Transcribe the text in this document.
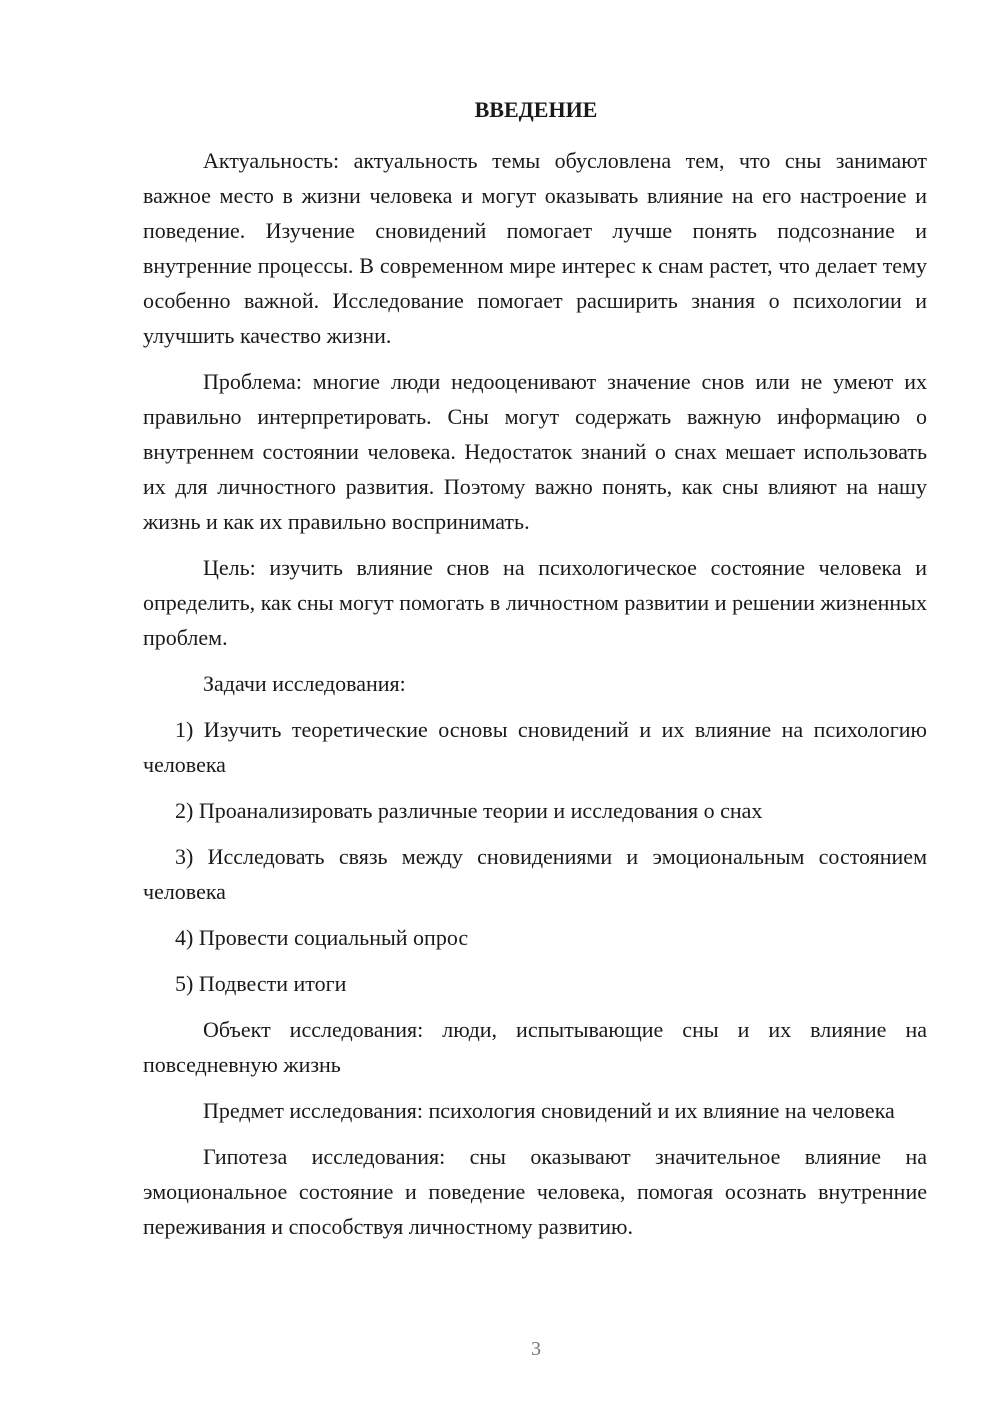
ВВЕДЕНИЕ

Актуальность: актуальность темы обусловлена тем, что сны занимают важное место в жизни человека и могут оказывать влияние на его настроение и поведение. Изучение сновидений помогает лучше понять подсознание и внутренние процессы. В современном мире интерес к снам растет, что делает тему особенно важной. Исследование помогает расширить знания о психологии и улучшить качество жизни.

Проблема: многие люди недооценивают значение снов или не умеют их правильно интерпретировать. Сны могут содержать важную информацию о внутреннем состоянии человека. Недостаток знаний о снах мешает использовать их для личностного развития. Поэтому важно понять, как сны влияют на нашу жизнь и как их правильно воспринимать.

Цель: изучить влияние снов на психологическое состояние человека и определить, как сны могут помогать в личностном развитии и решении жизненных проблем.

Задачи исследования:

1) Изучить теоретические основы сновидений и их влияние на психологию человека

2) Проанализировать различные теории и исследования о снах

3) Исследовать связь между сновидениями и эмоциональным состоянием человека

4) Провести социальный опрос

5) Подвести итоги

Объект исследования: люди, испытывающие сны и их влияние на повседневную жизнь

Предмет исследования: психология сновидений и их влияние на человека

Гипотеза исследования: сны оказывают значительное влияние на эмоциональное состояние и поведение человека, помогая осознать внутренние переживания и способствуя личностному развитию.

3
